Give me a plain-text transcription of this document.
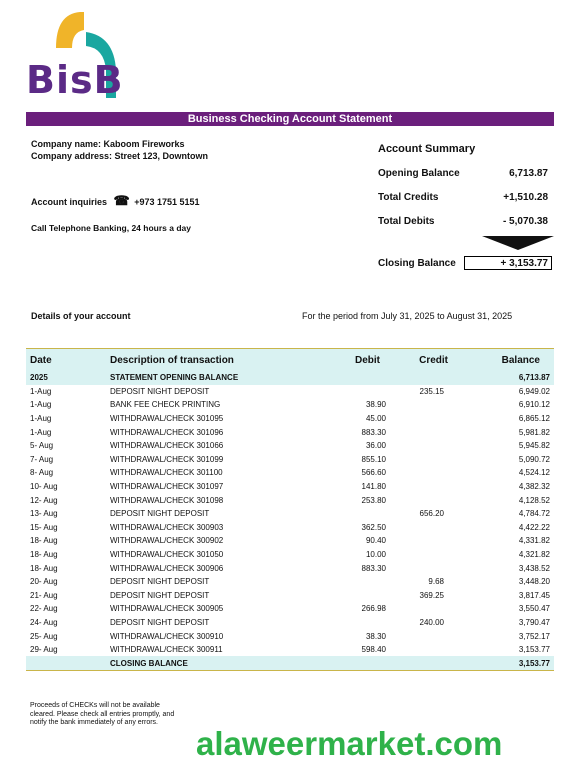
BisB
Business Checking Account Statement
Company name: Kaboom Fireworks
Company address: Street 123, Downtown
Account inquiries ☎ +973 1751 5151
Call Telephone Banking, 24 hours a day
Account Summary
Opening Balance	6,713.87
Total Credits	+1,510.28
Total Debits	- 5,070.38
Closing Balance	+ 3,153.77
Details of your account	For the period from July 31, 2025 to August 31, 2025
Date	Description of transaction	Debit	Credit	Balance
2025	STATEMENT OPENING BALANCE			6,713.87
1-Aug	DEPOSIT NIGHT DEPOSIT		235.15	6,949.02
1-Aug	BANK FEE CHECK PRINTING	38.90		6,910.12
1-Aug	WITHDRAWAL/CHECK 301095	45.00		6,865.12
1-Aug	WITHDRAWAL/CHECK 301096	883.30		5,981.82
5- Aug	WITHDRAWAL/CHECK 301066	36.00		5,945.82
7- Aug	WITHDRAWAL/CHECK 301099	855.10		5,090.72
8- Aug	WITHDRAWAL/CHECK 301100	566.60		4,524.12
10- Aug	WITHDRAWAL/CHECK 301097	141.80		4,382.32
12- Aug	WITHDRAWAL/CHECK 301098	253.80		4,128.52
13- Aug	DEPOSIT NIGHT DEPOSIT		656.20	4,784.72
15- Aug	WITHDRAWAL/CHECK 300903	362.50		4,422.22
18- Aug	WITHDRAWAL/CHECK 300902	90.40		4,331.82
18- Aug	WITHDRAWAL/CHECK 301050	10.00		4,321.82
18- Aug	WITHDRAWAL/CHECK 300906	883.30		3,438.52
20- Aug	DEPOSIT NIGHT DEPOSIT		9.68	3,448.20
21- Aug	DEPOSIT NIGHT DEPOSIT		369.25	3,817.45
22- Aug	WITHDRAWAL/CHECK 300905	266.98		3,550.47
24- Aug	DEPOSIT NIGHT DEPOSIT		240.00	3,790.47
25- Aug	WITHDRAWAL/CHECK 300910	38.30		3,752.17
29- Aug	WITHDRAWAL/CHECK 300911	598.40		3,153.77
	CLOSING BALANCE			3,153.77
Proceeds of CHECKs will not be available
cleared. Please check all entries promptly, and
notify the bank immediately of any errors.
alaweermarket.com
